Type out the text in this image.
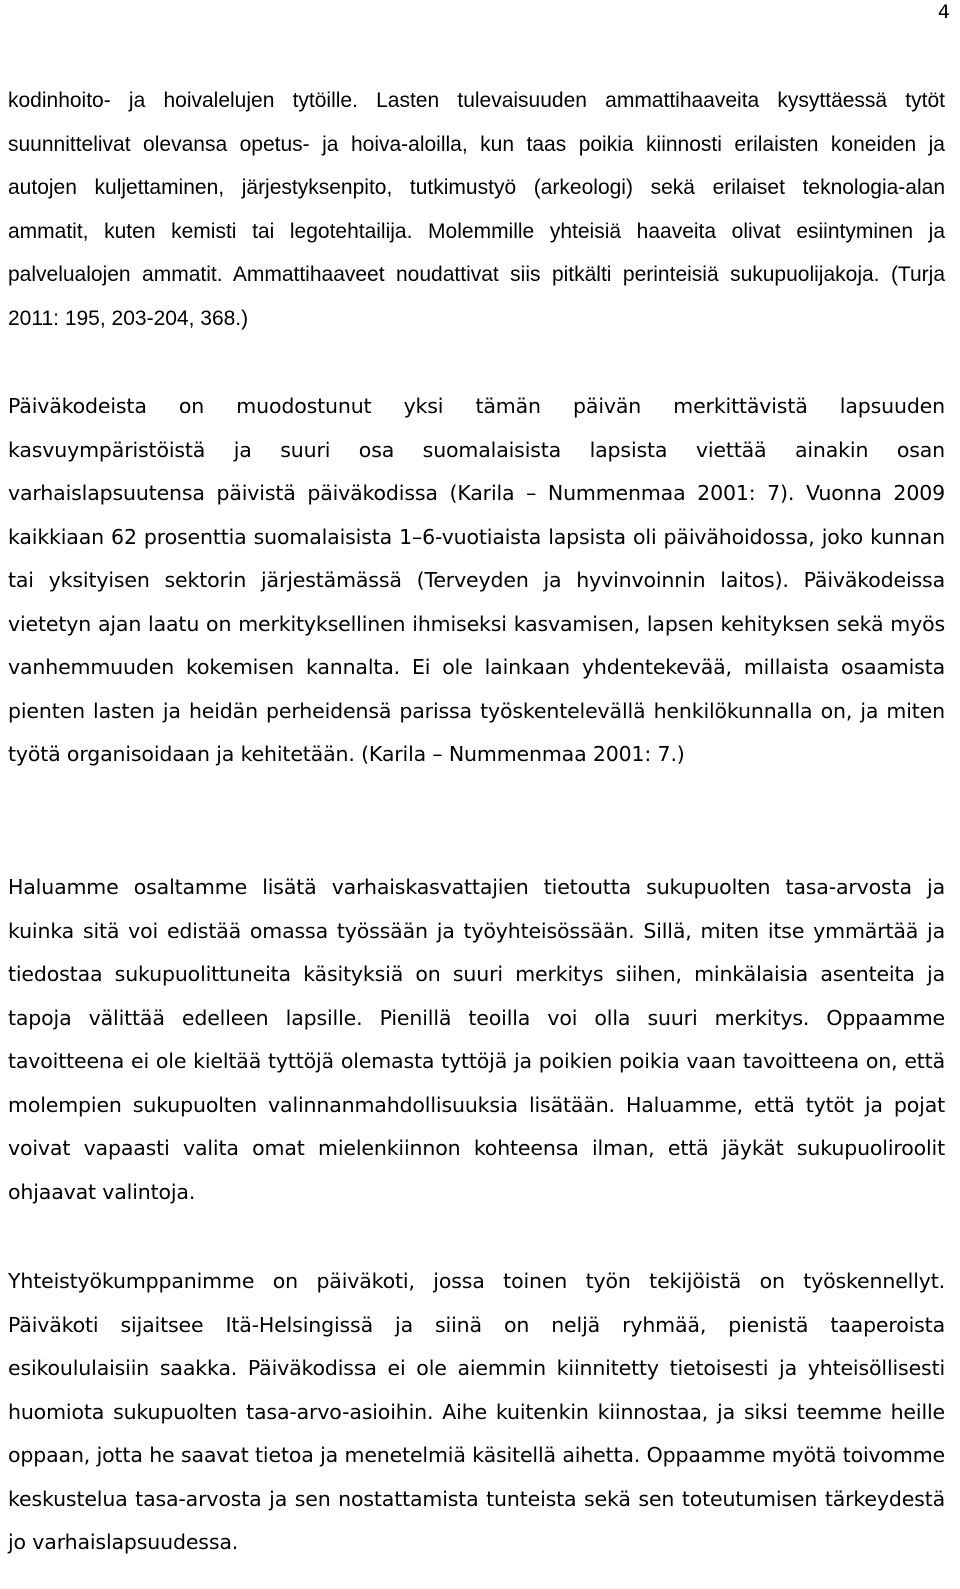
4

kodinhoito- ja hoivalelujen tytöille. Lasten tulevaisuuden ammattihaaveita kysyttäessä tytöt suunnittelivat olevansa opetus- ja hoiva-aloilla, kun taas poikia kiinnosti erilaisten koneiden ja autojen kuljettaminen, järjestyksenpito, tutkimustyö (arkeologi) sekä erilaiset teknologia-alan ammatit, kuten kemisti tai legotehtailija. Molemmille yhteisiä haaveita olivat esiintyminen ja palvelualojen ammatit. Ammattihaaveet noudattivat siis pitkälti perinteisiä sukupuolijakoja. (Turja 2011: 195, 203-204, 368.)

Päiväkodeista on muodostunut yksi tämän päivän merkittävistä lapsuuden kasvuympäristöistä ja suuri osa suomalaisista lapsista viettää ainakin osan varhaislapsuutensa päivistä päiväkodissa (Karila – Nummenmaa 2001: 7). Vuonna 2009 kaikkiaan 62 prosenttia suomalaisista 1–6-vuotiaista lapsista oli päivähoidossa, joko kunnan tai yksityisen sektorin järjestämässä (Terveyden ja hyvinvoinnin laitos). Päiväkodeissa vietetyn ajan laatu on merkityksellinen ihmiseksi kasvamisen, lapsen kehityksen sekä myös vanhemmuuden kokemisen kannalta. Ei ole lainkaan yhdentekevää, millaista osaamista pienten lasten ja heidän perheidensä parissa työskentelevällä henkilökunnalla on, ja miten työtä organisoidaan ja kehitetään. (Karila – Nummenmaa 2001: 7.)

Haluamme osaltamme lisätä varhaiskasvattajien tietoutta sukupuolten tasa-arvosta ja kuinka sitä voi edistää omassa työssään ja työyhteisössään. Sillä, miten itse ymmärtää ja tiedostaa sukupuolittuneita käsityksiä on suuri merkitys siihen, minkälaisia asenteita ja tapoja välittää edelleen lapsille. Pienillä teoilla voi olla suuri merkitys. Oppaamme tavoitteena ei ole kieltää tyttöjä olemasta tyttöjä ja poikien poikia vaan tavoitteena on, että molempien sukupuolten valinnanmahdollisuuksia lisätään. Haluamme, että tytöt ja pojat voivat vapaasti valita omat mielenkiinnon kohteensa ilman, että jäykät sukupuoliroolit ohjaavat valintoja.

Yhteistyökumppanimme on päiväkoti, jossa toinen työn tekijöistä on työskennellyt. Päiväkoti sijaitsee Itä-Helsingissä ja siinä on neljä ryhmää, pienistä taaperoista esikoululaisiin saakka. Päiväkodissa ei ole aiemmin kiinnitetty tietoisesti ja yhteisöllisesti huomiota sukupuolten tasa-arvo-asioihin. Aihe kuitenkin kiinnostaa, ja siksi teemme heille oppaan, jotta he saavat tietoa ja menetelmiä käsitellä aihetta. Oppaamme myötä toivomme keskustelua tasa-arvosta ja sen nostattamista tunteista sekä sen toteutumisen tärkeydestä jo varhaislapsuudessa.
